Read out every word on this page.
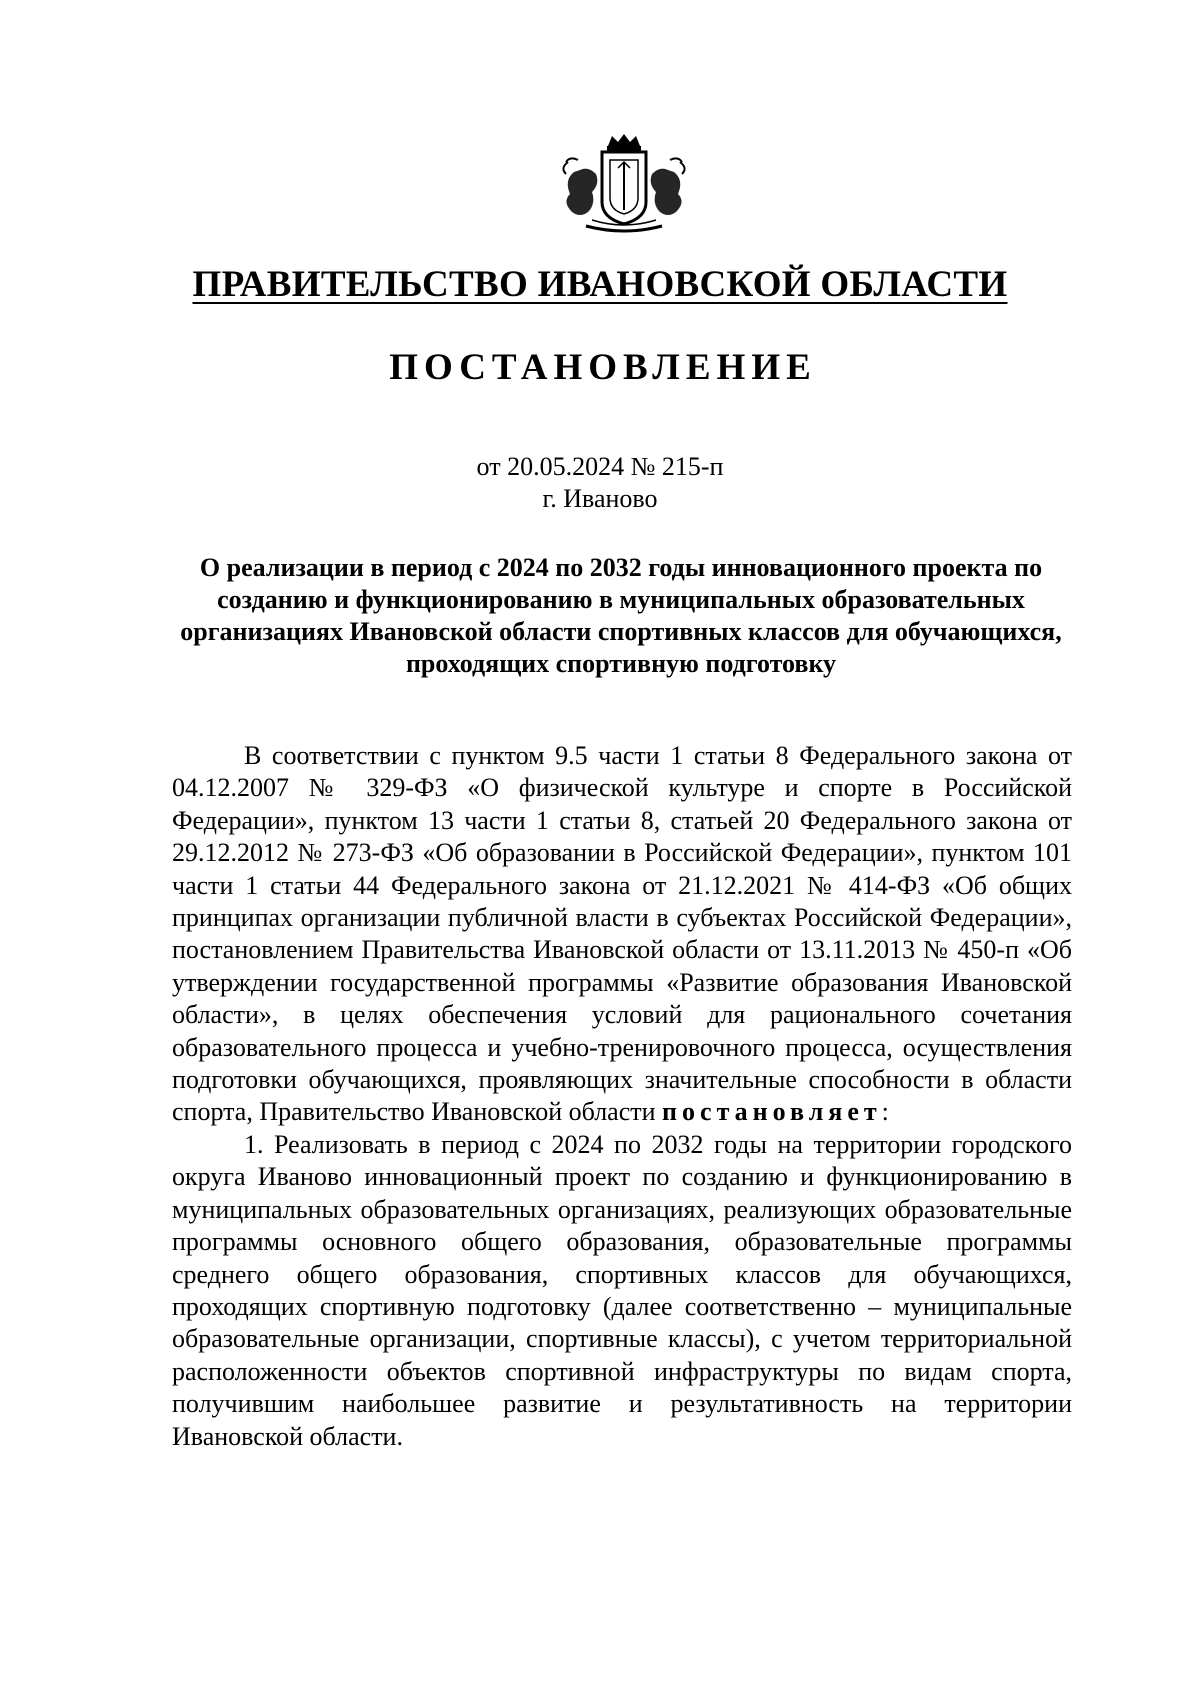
ПРАВИТЕЛЬСТВО ИВАНОВСКОЙ ОБЛАСТИ
ПОСТАНОВЛЕНИЕ
от 20.05.2024 № 215-п
г. Иваново

О реализации в период с 2024 по 2032 годы инновационного проекта по созданию и функционированию в муниципальных образовательных организациях Ивановской области спортивных классов для обучающихся, проходящих спортивную подготовку

В соответствии с пунктом 9.5 части 1 статьи 8 Федерального закона от 04.12.2007 № 329-ФЗ «О физической культуре и спорте в Российской Федерации», пунктом 13 части 1 статьи 8, статьей 20 Федерального закона от 29.12.2012 № 273-ФЗ «Об образовании в Российской Федерации», пунктом 101 части 1 статьи 44 Федерального закона от 21.12.2021 № 414-ФЗ «Об общих принципах организации публичной власти в субъектах Российской Федерации», постановлением Правительства Ивановской области от 13.11.2013 № 450-п «Об утверждении государственной программы «Развитие образования Ивановской области», в целях обеспечения условий для рационального сочетания образовательного процесса и учебно-тренировочного процесса, осуществления подготовки обучающихся, проявляющих значительные способности в области спорта, Правительство Ивановской области постановляет:

1. Реализовать в период с 2024 по 2032 годы на территории городского округа Иваново инновационный проект по созданию и функционированию в муниципальных образовательных организациях, реализующих образовательные программы основного общего образования, образовательные программы среднего общего образования, спортивных классов для обучающихся, проходящих спортивную подготовку (далее соответственно – муниципальные образовательные организации, спортивные классы), с учетом территориальной расположенности объектов спортивной инфраструктуры по видам спорта, получившим наибольшее развитие и результативность на территории Ивановской области.
